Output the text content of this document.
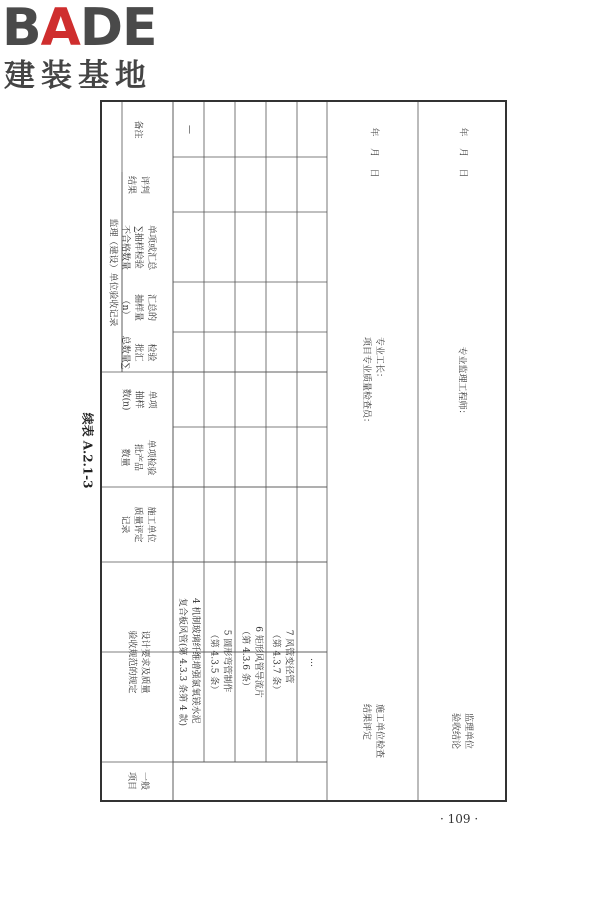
BADE
建装基地
续表 A.2.1-3
备注
评判
结果
单项或汇总
∑抽样检验
不合格数量
汇总的
抽样量
（n）
检验
批汇
总数量∑
单项
抽样
数(n)
单项检验
批产品
数量
施工单位
质量评定
记录
设计要求及质量
验收规范的规定
一般
项目
监理（建设）单位验收记录
4 机制玻璃纤维增强氯氧镁水泥
复合板风管(第 4.3.3 条第 4 款)
5 圆形弯管制作
（第 4.3.5 条）
6 矩形风管导流片
（第 4.3.6 条）
7 风管变径管
（第 4.3.7 条）
…
—
施工单位检查
结果评定
专业工长：
项目专业质量检查员：
年    月    日
监理单位
验收结论
专业监理工程师：
年    月    日
· 109 ·
